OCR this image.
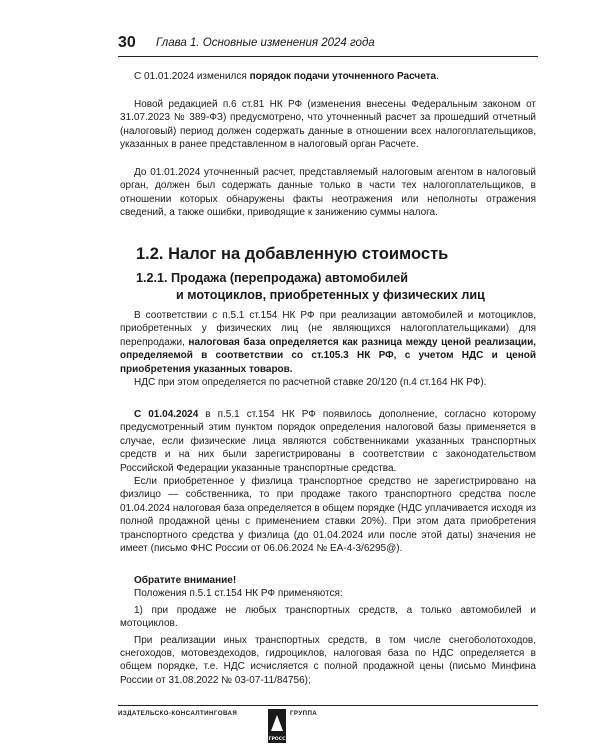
30 Глава 1. Основные изменения 2024 года

С 01.01.2024 изменился порядок подачи уточненного Расчета.

Новой редакцией п.6 ст.81 НК РФ (изменения внесены Федеральным законом от 31.07.2023 № 389-ФЗ) предусмотрено, что уточненный расчет за прошедший отчетный (налоговый) период должен содержать данные в отношении всех налогоплательщиков, указанных в ранее представленном в налоговый орган Расчете.

До 01.01.2024 уточненный расчет, представляемый налоговым агентом в налоговый орган, должен был содержать данные только в части тех налогоплательщиков, в отношении которых обнаружены факты неотражения или неполноты отражения сведений, а также ошибки, приводящие к занижению суммы налога.

1.2. Налог на добавленную стоимость
1.2.1. Продажа (перепродажа) автомобилей
и мотоциклов, приобретенных у физических лиц

В соответствии с п.5.1 ст.154 НК РФ при реализации автомобилей и мотоциклов, приобретенных у физических лиц (не являющихся налогоплательщиками) для перепродажи, налоговая база определяется как разница между ценой реализации, определяемой в соответствии со ст.105.3 НК РФ, с учетом НДС и ценой приобретения указанных товаров.

НДС при этом определяется по расчетной ставке 20/120 (п.4 ст.164 НК РФ).

С 01.04.2024 в п.5.1 ст.154 НК РФ появилось дополнение, согласно которому предусмотренный этим пунктом порядок определения налоговой базы применяется в случае, если физические лица являются собственниками указанных транспортных средств и на них были зарегистрированы в соответствии с законодательством Российской Федерации указанные транспортные средства.

Если приобретенное у физлица транспортное средство не зарегистрировано на физлицо — собственника, то при продаже такого транспортного средства после 01.04.2024 налоговая база определяется в общем порядке (НДС уплачивается исходя из полной продажной цены с применением ставки 20%). При этом дата приобретения транспортного средства у физлица (до 01.04.2024 или после этой даты) значения не имеет (письмо ФНС России от 06.06.2024 № ЕА-4-3/6295@).

Обратите внимание!

Положения п.5.1 ст.154 НК РФ применяются:

1) при продаже не любых транспортных средств, а только автомобилей и мотоциклов.

При реализации иных транспортных средств, в том числе снегоболотоходов, снегоходов, мотовездеходов, гидроциклов, налоговая база по НДС определяется в общем порядке, т.е. НДС исчисляется с полной продажной цены (письмо Минфина России от 31.08.2022 № 03-07-11/84756);

ИЗДАТЕЛЬСКО-КОНСАЛТИНГОВАЯ
ГРОСС
ГРУППА
